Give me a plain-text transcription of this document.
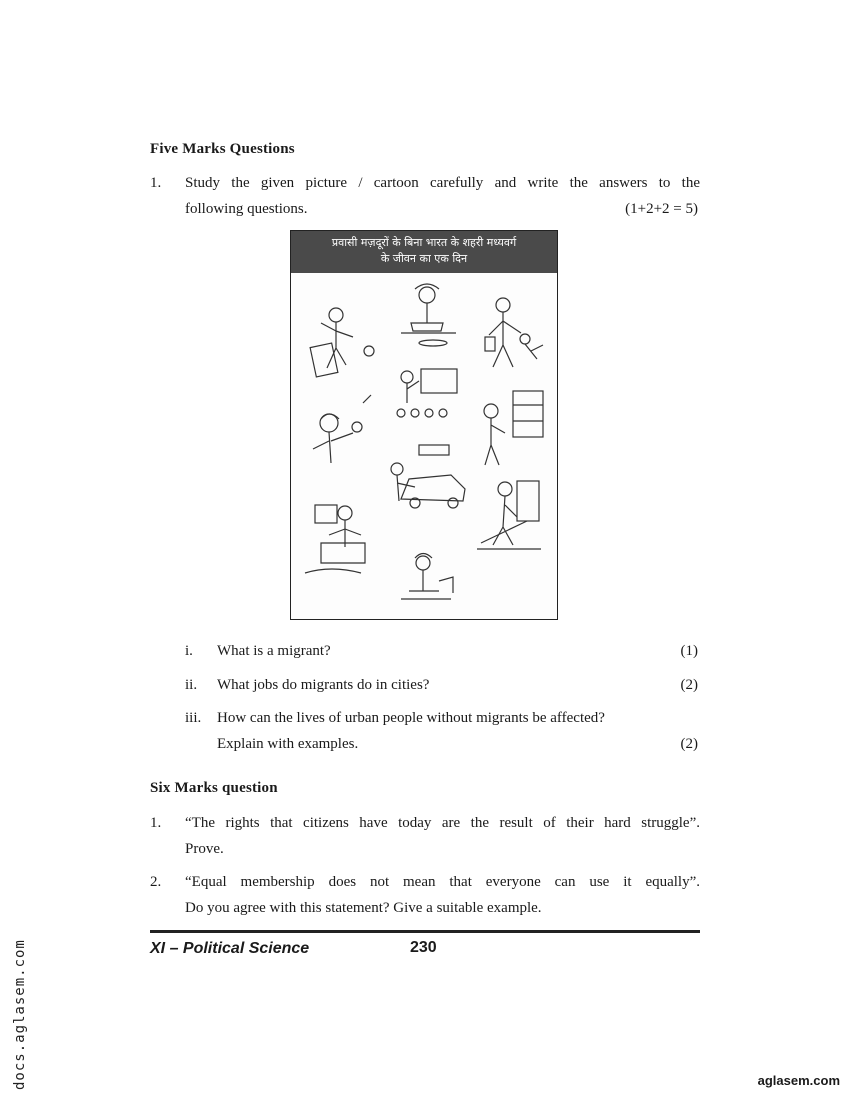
Five Marks Questions
1.	Study the given picture / cartoon carefully and write the answers to the
following questions.	(1+2+2 = 5)
प्रवासी मज़दूरों के बिना भारत के शहरी मध्यवर्ग
के जीवन का एक दिन
i.	What is a migrant?	(1)
ii.	What jobs do migrants do in cities?	(2)
iii.	How can the lives of urban people without migrants be affected?
Explain with examples.	(2)
Six Marks question
1.	“The rights that citizens have today are the result of their hard struggle”.
Prove.
2.	“Equal membership does not mean that everyone can use it equally”.
Do you agree with this statement? Give a suitable example.
XI – Political Science	230
docs.aglasem.com	aglasem.com
